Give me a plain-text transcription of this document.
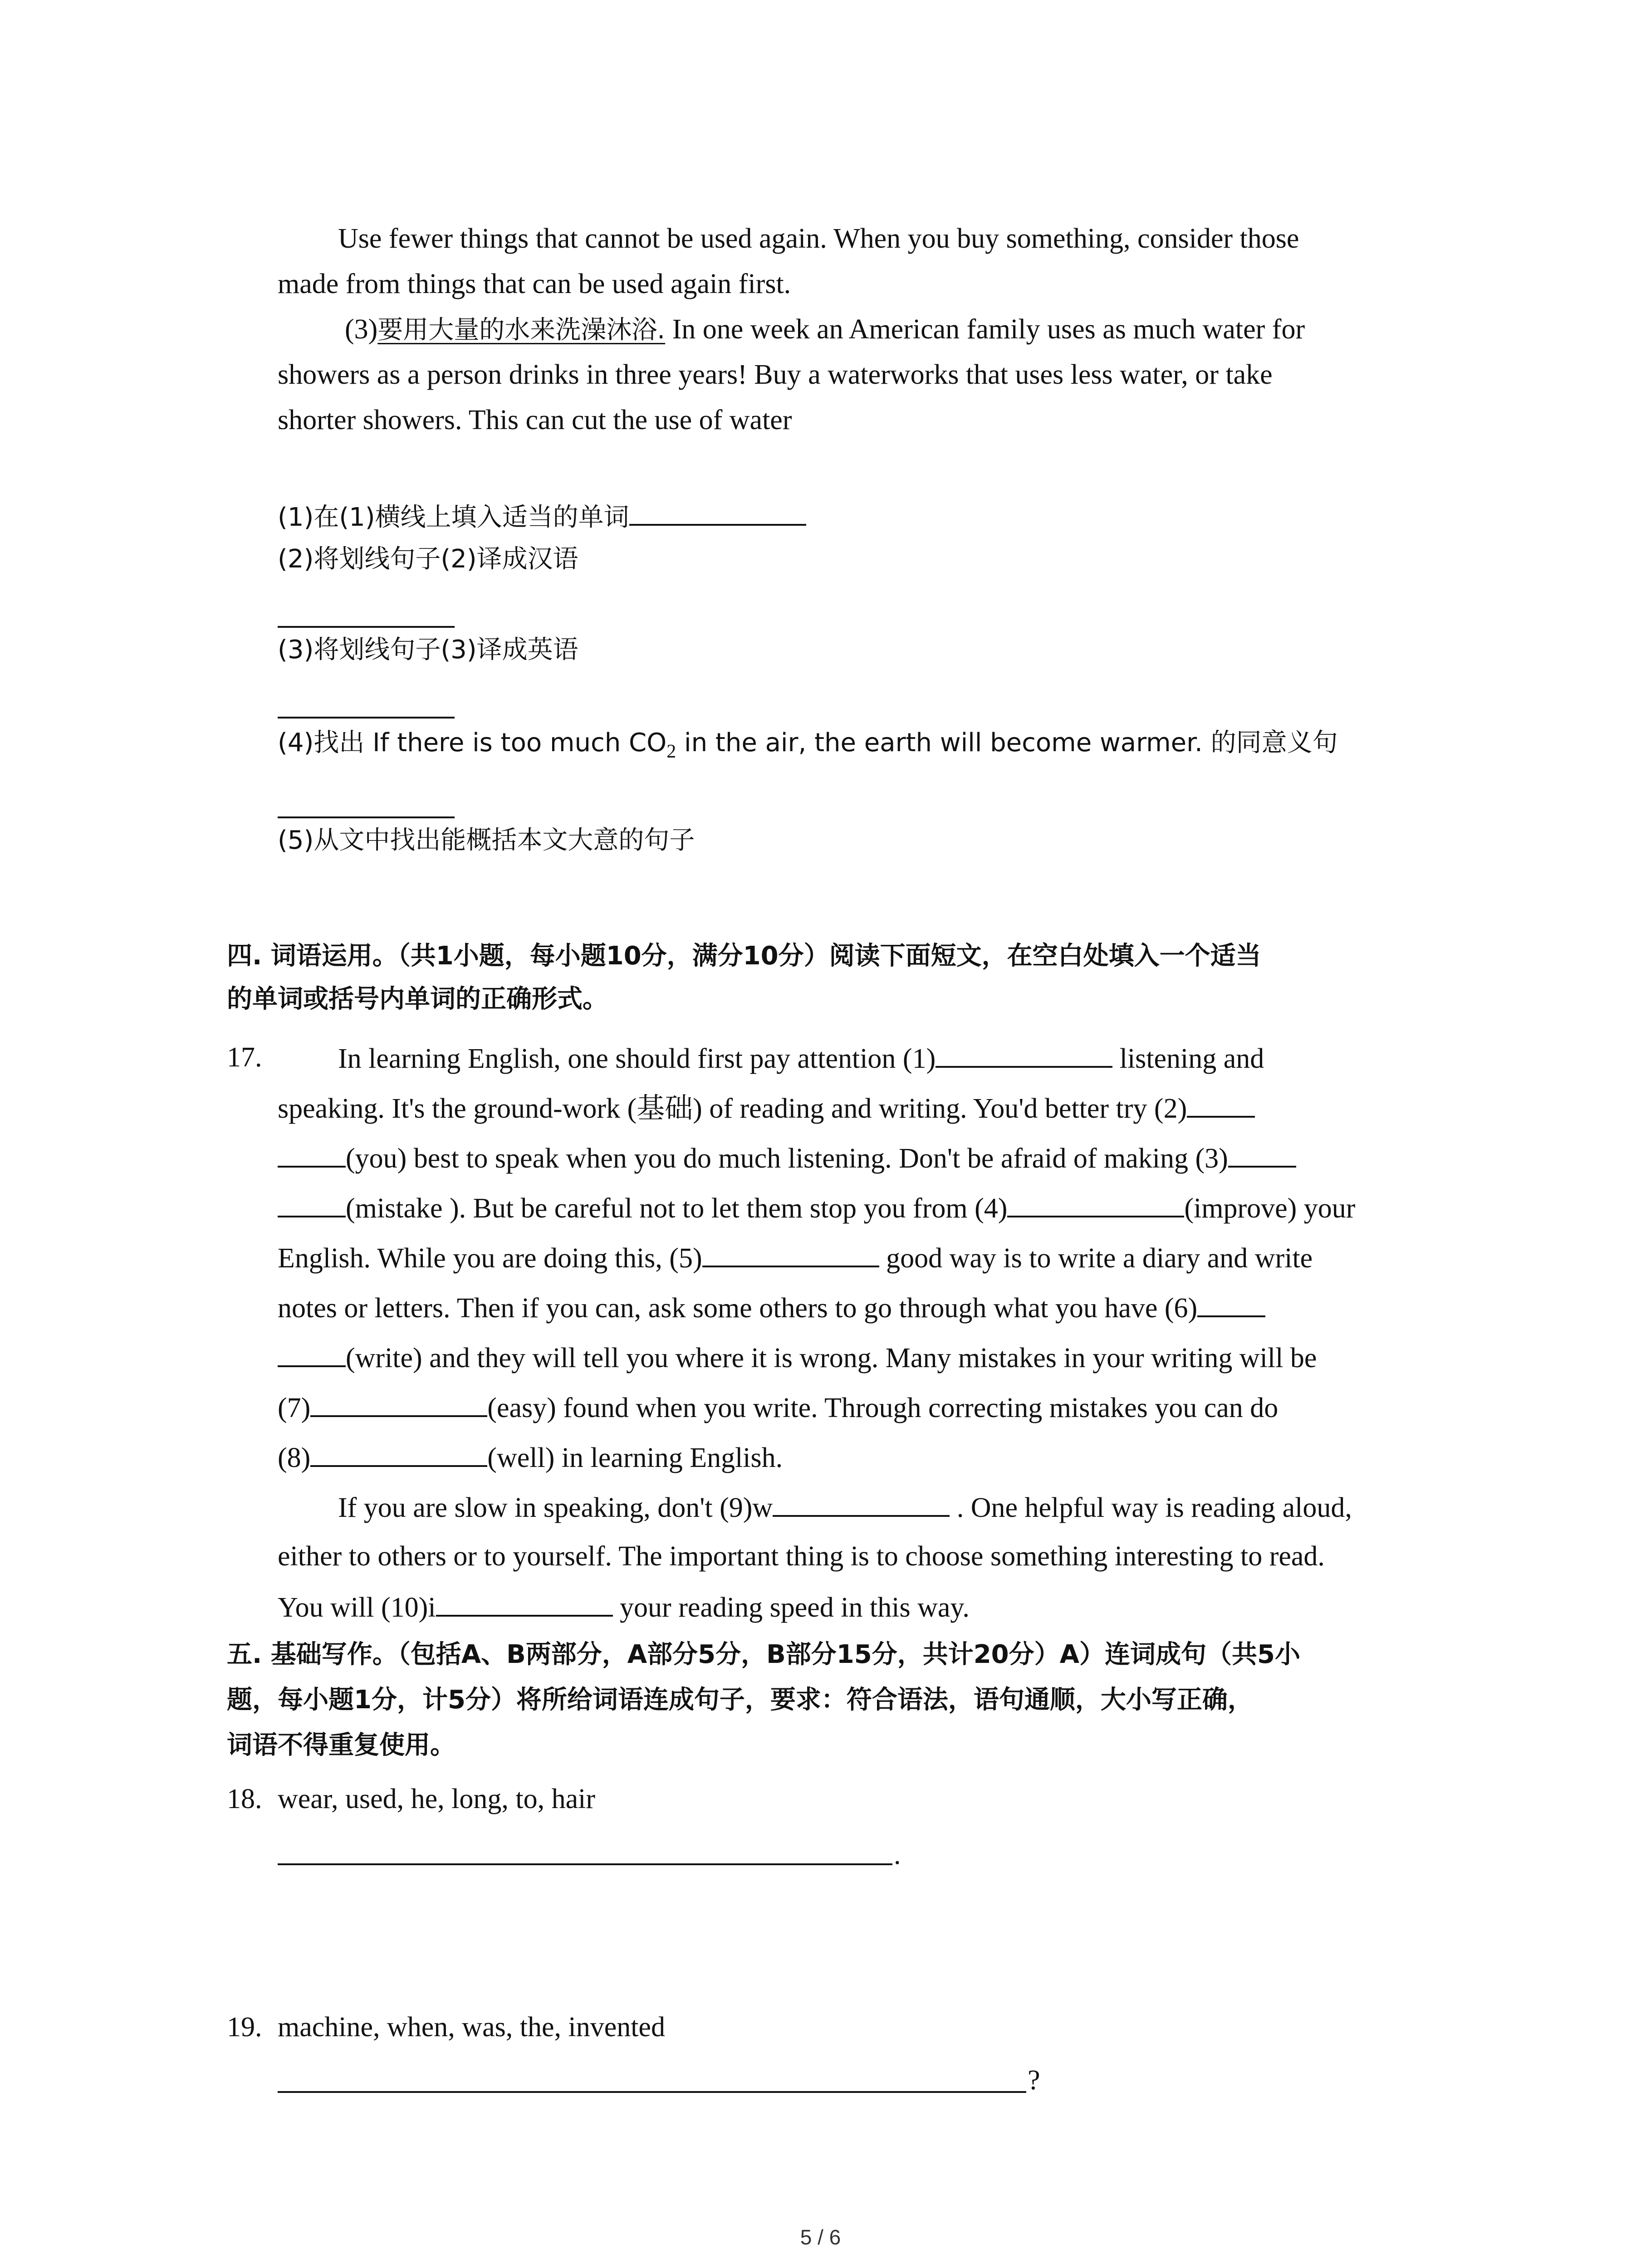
Use fewer things that cannot be used again. When you buy something, consider those
made from things that can be used again first.
(3)要用大量的水来洗澡沐浴. In one week an American family uses as much water for
showers as a person drinks in three years! Buy a waterworks that uses less water, or take
shorter showers. This can cut the use of water
(1)在(1)横线上填入适当的单词
(2)将划线句子(2)译成汉语
(3)将划线句子(3)译成英语
(4)找出 If there is too much $CO_2$ in the air, the earth will become warmer. 的同意义句
(5)从文中找出能概括本文大意的句子
四. 词语运用。（共1小题，每小题10分，满分10分）阅读下面短文，在空白处填入一个适当
的单词或括号内单词的正确形式。
17.	In learning English, one should first pay attention (1)	listening and
speaking. It's the ground-work (基础) of reading and writing. You'd better try (2)
(you) best to speak when you do much listening. Don't be afraid of making (3)
(mistake ). But be careful not to let them stop you from (4)	(improve) your
English. While you are doing this, (5)	good way is to write a diary and write
notes or letters. Then if you can, ask some others to go through what you have (6)
(write) and they will tell you where it is wrong. Many mistakes in your writing will be
(7)	(easy) found when you write. Through correcting mistakes you can do
(8)	(well) in learning English.
If you are slow in speaking, don't (9)w	. One helpful way is reading aloud,
either to others or to yourself. The important thing is to choose something interesting to read.
You will (10)i	your reading speed in this way.
五. 基础写作。（包括A、B两部分，A部分5分，B部分15分，共计20分）A）连词成句（共5小
题，每小题1分，计5分）将所给词语连成句子，要求：符合语法，语句通顺，大小写正确，
词语不得重复使用。
18. wear, used, he, long, to, hair
.
19. machine, when, was, the, invented
?
5 / 6
